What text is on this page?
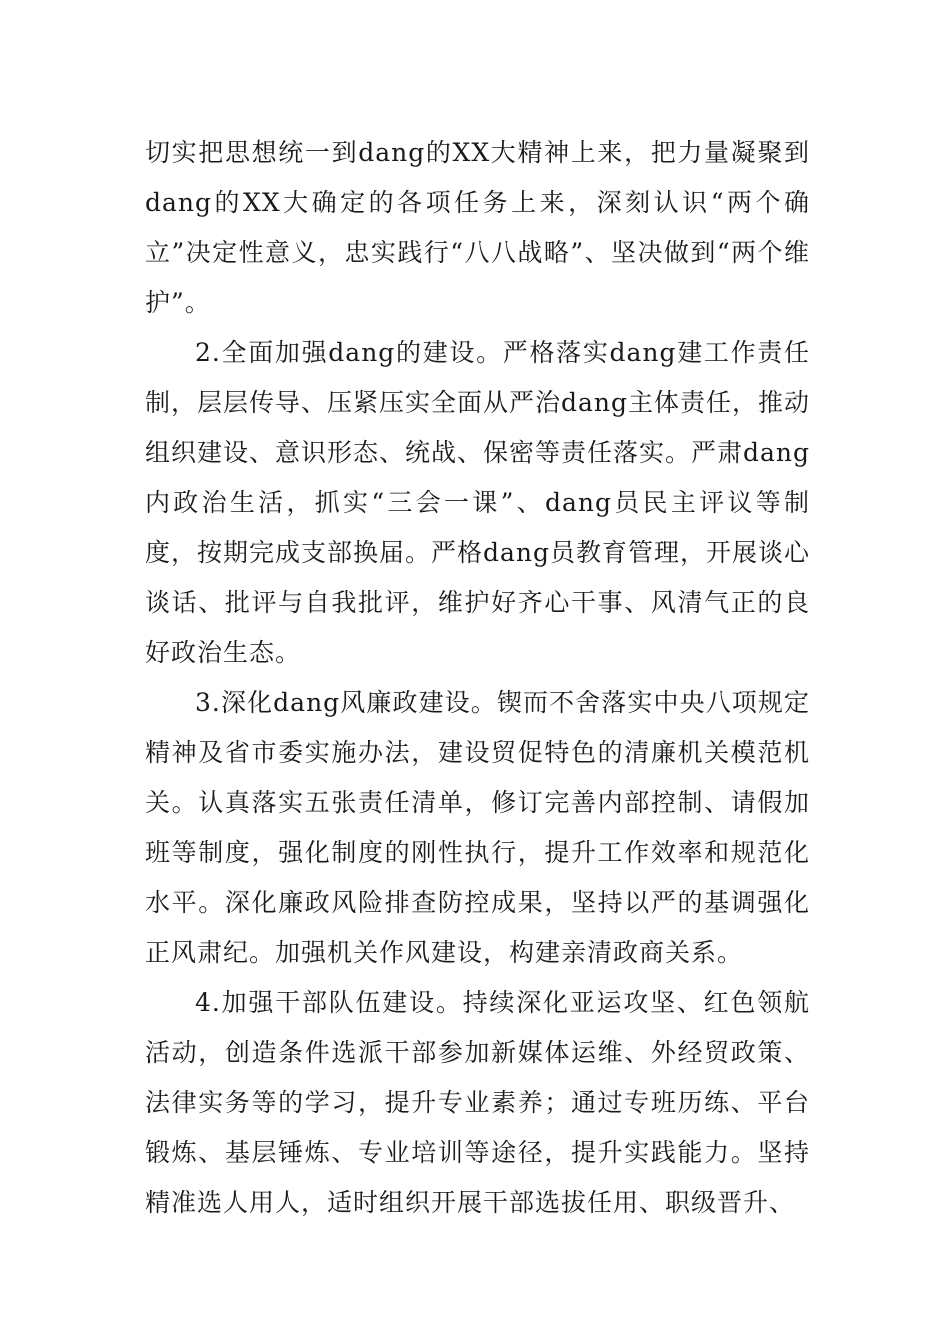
切实把思想统一到dang的XX大精神上来，把力量凝聚到dang的XX大确定的各项任务上来，深刻认识“两个确立”决定性意义，忠实践行“八八战略”、坚决做到“两个维护”。

2.全面加强dang的建设。严格落实dang建工作责任制，层层传导、压紧压实全面从严治dang主体责任，推动组织建设、意识形态、统战、保密等责任落实。严肃dang内政治生活，抓实“三会一课”、dang员民主评议等制度，按期完成支部换届。严格dang员教育管理，开展谈心谈话、批评与自我批评，维护好齐心干事、风清气正的良好政治生态。

3.深化dang风廉政建设。锲而不舍落实中央八项规定精神及省市委实施办法，建设贸促特色的清廉机关模范机关。认真落实五张责任清单，修订完善内部控制、请假加班等制度，强化制度的刚性执行，提升工作效率和规范化水平。深化廉政风险排查防控成果，坚持以严的基调强化正风肃纪。加强机关作风建设，构建亲清政商关系。

4.加强干部队伍建设。持续深化亚运攻坚、红色领航活动，创造条件选派干部参加新媒体运维、外经贸政策、法律实务等的学习，提升专业素养；通过专班历练、平台锻炼、基层锤炼、专业培训等途径，提升实践能力。坚持精准选人用人，适时组织开展干部选拔任用、职级晋升、
